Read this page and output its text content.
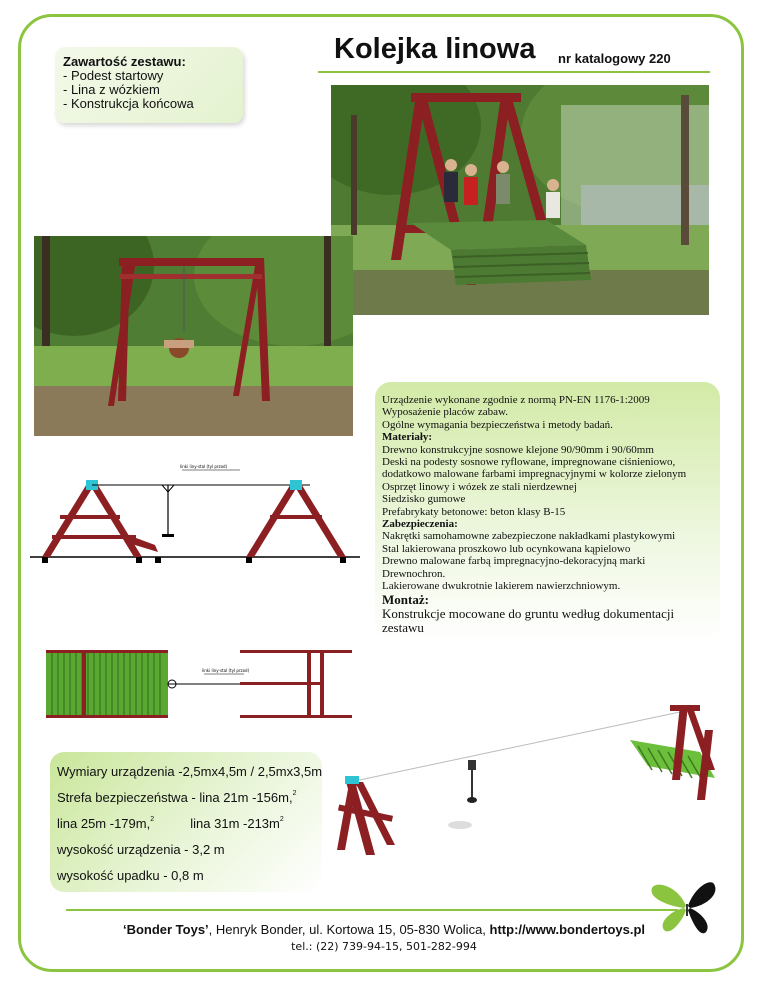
Zawartość zestawu:
- Podest startowy
- Lina z wózkiem
- Konstrukcja końcowa
Kolejka linowa nr katalogowy 220
Urządzenie wykonane zgodnie z normą PN-EN 1176-1:2009
Wyposażenie placów zabaw.
Ogólne wymagania bezpieczeństwa i metody badań.
Materiały:
Drewno konstrukcyjne sosnowe klejone 90/90mm i 90/60mm
Deski na podesty sosnowe ryflowane, impregnowane ciśnieniowo,
dodatkowo malowane farbami impregnacyjnymi w kolorze zielonym
Osprzęt linowy i wózek ze stali nierdzewnej
Siedzisko gumowe
Prefabrykaty betonowe: beton klasy B-15
Zabezpieczenia:
Nakrętki samohamowne zabezpieczone nakładkami plastykowymi
Stal lakierowana proszkowo lub ocynkowana kąpielowo
Drewno malowane farbą impregnacyjno-dekoracyjną marki
Drewnochron.
Lakierowane dwukrotnie lakierem nawierzchniowym.
Montaż:
Konstrukcje mocowane do gruntu według dokumentacji
zestawu
linki liny-stal (tyl przod)
linki liny-stal (tyl przod)
Wymiary urządzenia -2,5mx4,5m / 2,5mx3,5m
Strefa bezpieczeństwa - lina 21m -156m,$^2$
lina 25m -179m,$^2$	lina 31m $-213m^2$
wysokość urządzenia - 3,2 m
wysokość upadku - 0,8 m
‘Bonder Toys’, Henryk Bonder, ul. Kortowa 15, 05-830 Wolica, http://www.bondertoys.pl
tel.: (22) 739-94-15, 501-282-994
